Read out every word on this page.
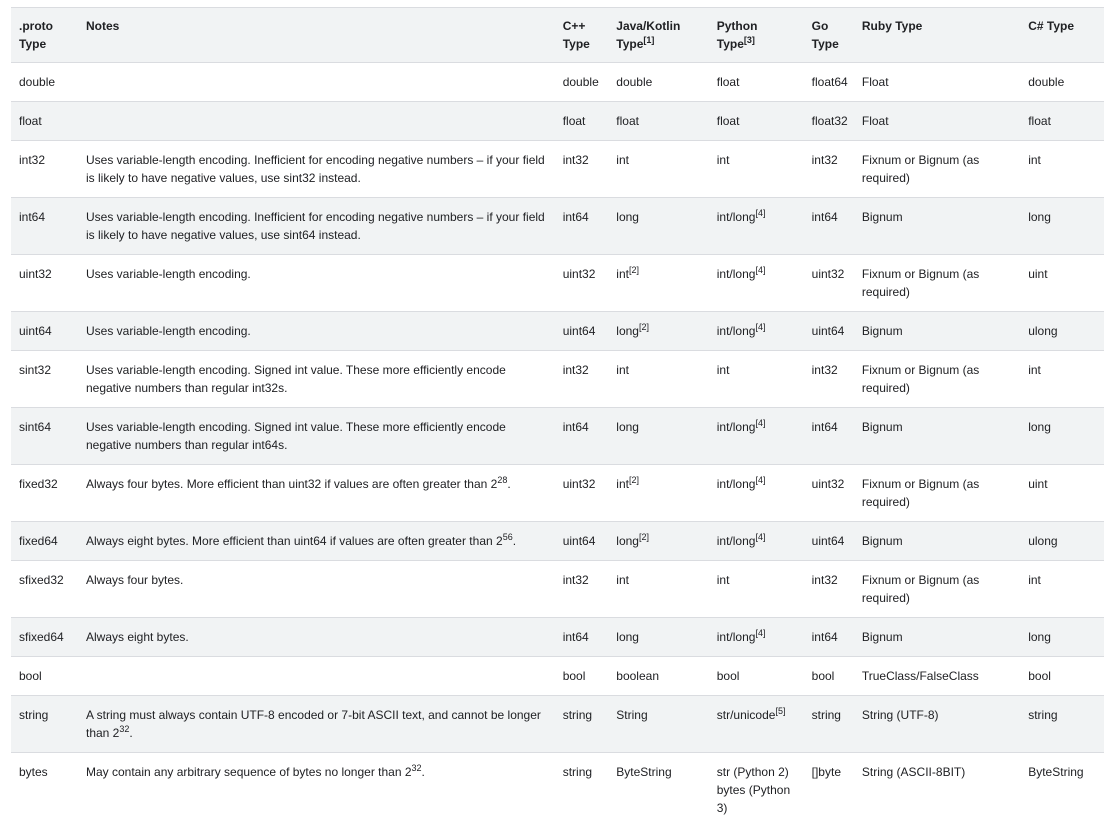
.proto Type	Notes	C++ Type	Java/Kotlin Type[1]	Python Type[3]	Go Type	Ruby Type	C# Type
double		double	double	float	float64	Float	double
float		float	float	float	float32	Float	float
int32	Uses variable-length encoding. Inefficient for encoding negative numbers – if your field is likely to have negative values, use sint32 instead.	int32	int	int	int32	Fixnum or Bignum (as required)	int
int64	Uses variable-length encoding. Inefficient for encoding negative numbers – if your field is likely to have negative values, use sint64 instead.	int64	long	int/long[4]	int64	Bignum	long
uint32	Uses variable-length encoding.	uint32	int[2]	int/long[4]	uint32	Fixnum or Bignum (as required)	uint
uint64	Uses variable-length encoding.	uint64	long[2]	int/long[4]	uint64	Bignum	ulong
sint32	Uses variable-length encoding. Signed int value. These more efficiently encode negative numbers than regular int32s.	int32	int	int	int32	Fixnum or Bignum (as required)	int
sint64	Uses variable-length encoding. Signed int value. These more efficiently encode negative numbers than regular int64s.	int64	long	int/long[4]	int64	Bignum	long
fixed32	Always four bytes. More efficient than uint32 if values are often greater than $2^{28}$.	uint32	int[2]	int/long[4]	uint32	Fixnum or Bignum (as required)	uint
fixed64	Always eight bytes. More efficient than uint64 if values are often greater than $2^{56}$.	uint64	long[2]	int/long[4]	uint64	Bignum	ulong
sfixed32	Always four bytes.	int32	int	int	int32	Fixnum or Bignum (as required)	int
sfixed64	Always eight bytes.	int64	long	int/long[4]	int64	Bignum	long
bool		bool	boolean	bool	bool	TrueClass/FalseClass	bool
string	A string must always contain UTF-8 encoded or 7-bit ASCII text, and cannot be longer than $2^{32}$.	string	String	str/unicode[5]	string	String (UTF-8)	string
bytes	May contain any arbitrary sequence of bytes no longer than $2^{32}$.	string	ByteString	str (Python 2) bytes (Python 3)	[]byte	String (ASCII-8BIT)	ByteString
